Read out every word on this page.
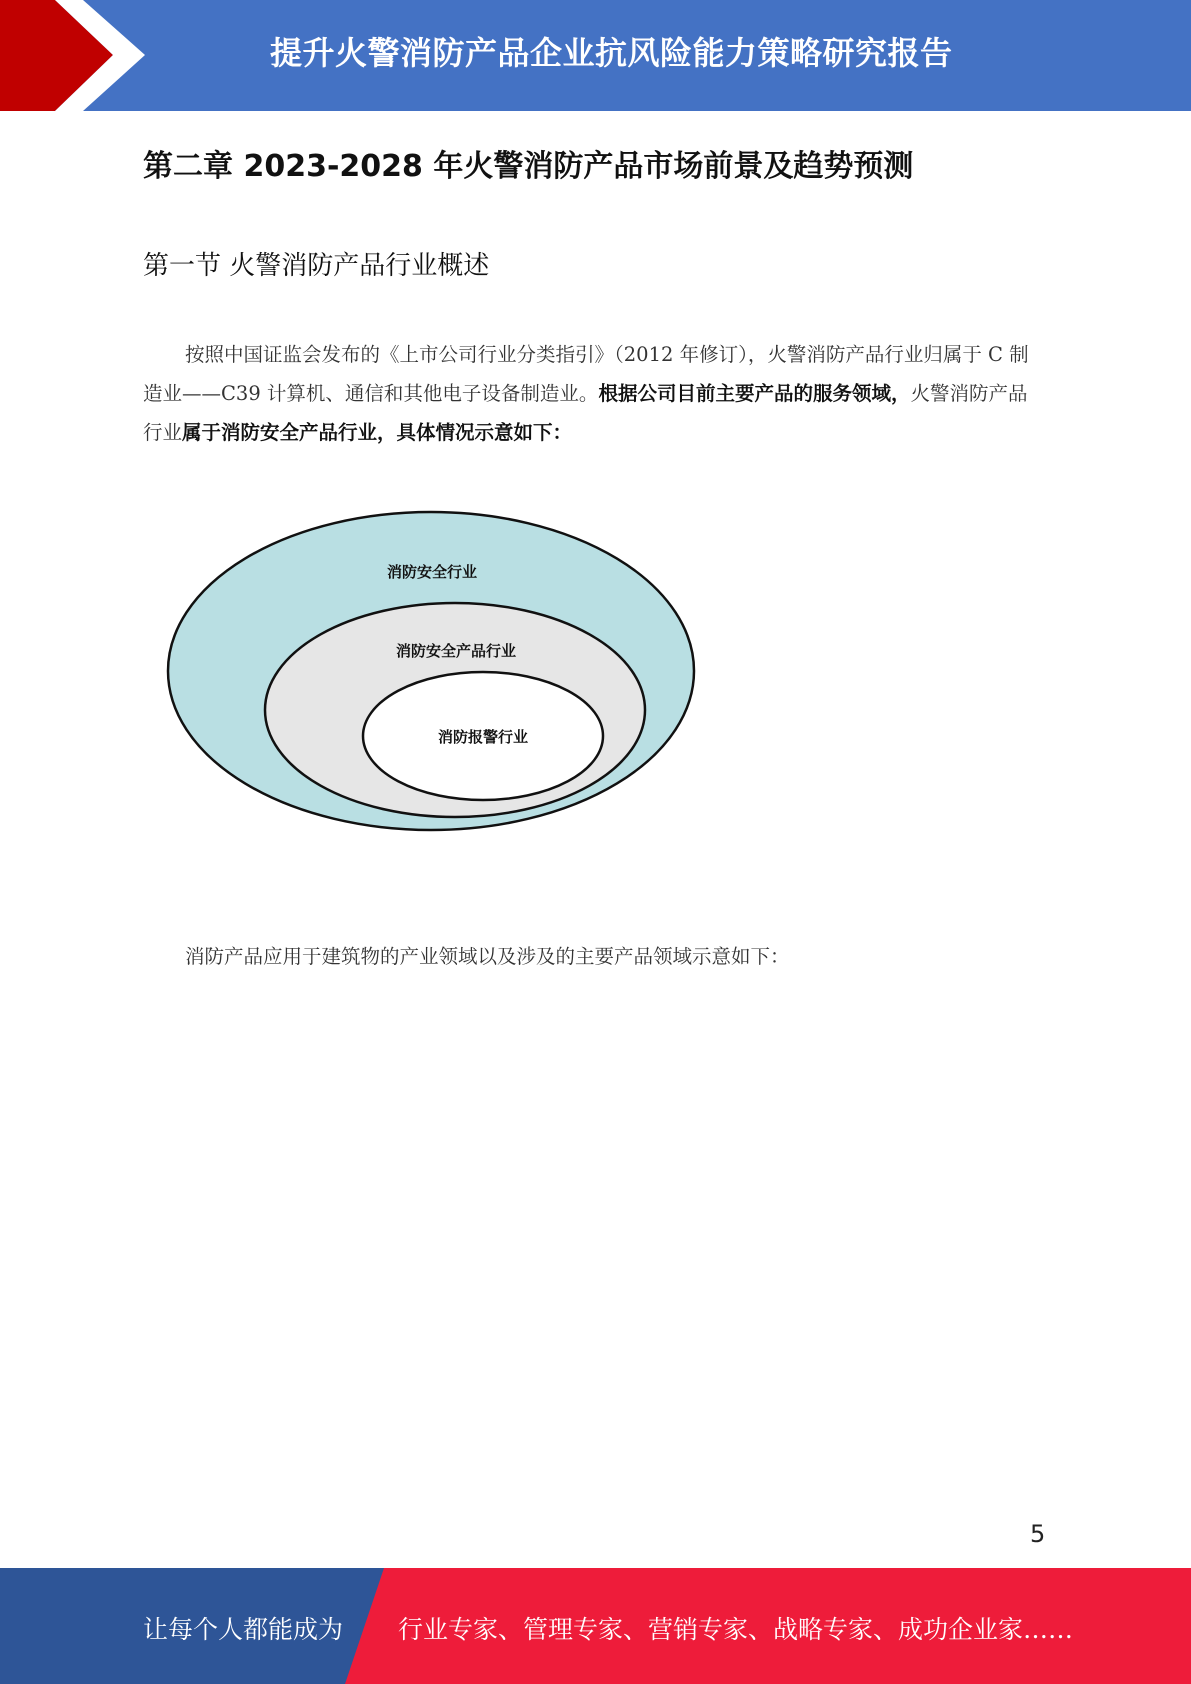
提升火警消防产品企业抗风险能力策略研究报告
第二章 2023-2028 年火警消防产品市场前景及趋势预测
第一节 火警消防产品行业概述
按照中国证监会发布的《上市公司行业分类指引》（2012 年修订），火警消防产品行业归属于 C 制造业——C39 计算机、通信和其他电子设备制造业。根据公司目前主要产品的服务领域，火警消防产品行业属于消防安全产品行业，具体情况示意如下：
消防安全行业
消防安全产品行业
消防报警行业
消防产品应用于建筑物的产业领域以及涉及的主要产品领域示意如下：
5
让每个人都能成为 行业专家、管理专家、营销专家、战略专家、成功企业家……
